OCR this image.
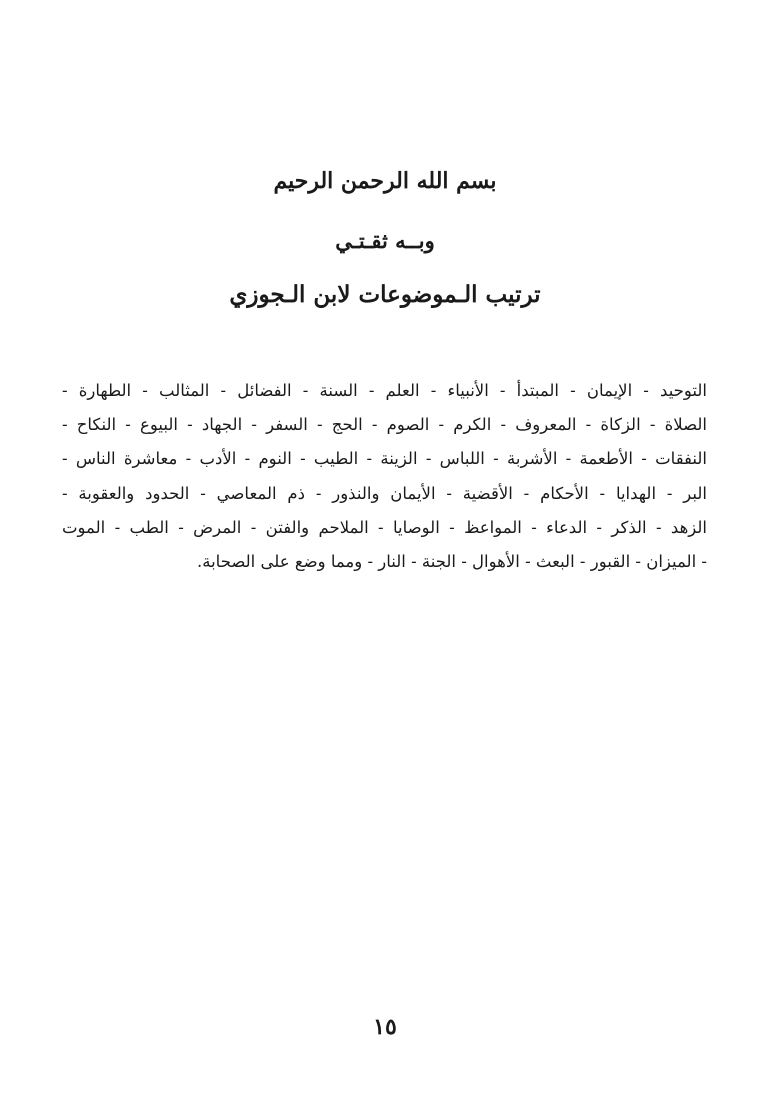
بسم الله الرحمن الرحيم
وبــه ثقـتـي
ترتيب الـموضوعات لابن الـجوزي
التوحيد - الإيمان - المبتدأ - الأنبياء - العلم - السنة - الفضائل - المثالب - الطهارة -
الصلاة - الزكاة - المعروف - الكرم - الصوم - الحج - السفر - الجهاد - البيوع - النكاح -
النفقات - الأطعمة - الأشربة - اللباس - الزينة - الطيب - النوم - الأدب - معاشرة الناس -
البر - الهدايا - الأحكام - الأقضية - الأيمان والنذور - ذم المعاصي - الحدود والعقوبة -
الزهد - الذكر - الدعاء - المواعظ - الوصايا - الملاحم والفتن - المرض - الطب - الموت
- الميزان - القبور - البعث - الأهوال - الجنة - النار - ومما وضع على الصحابة.
١٥
